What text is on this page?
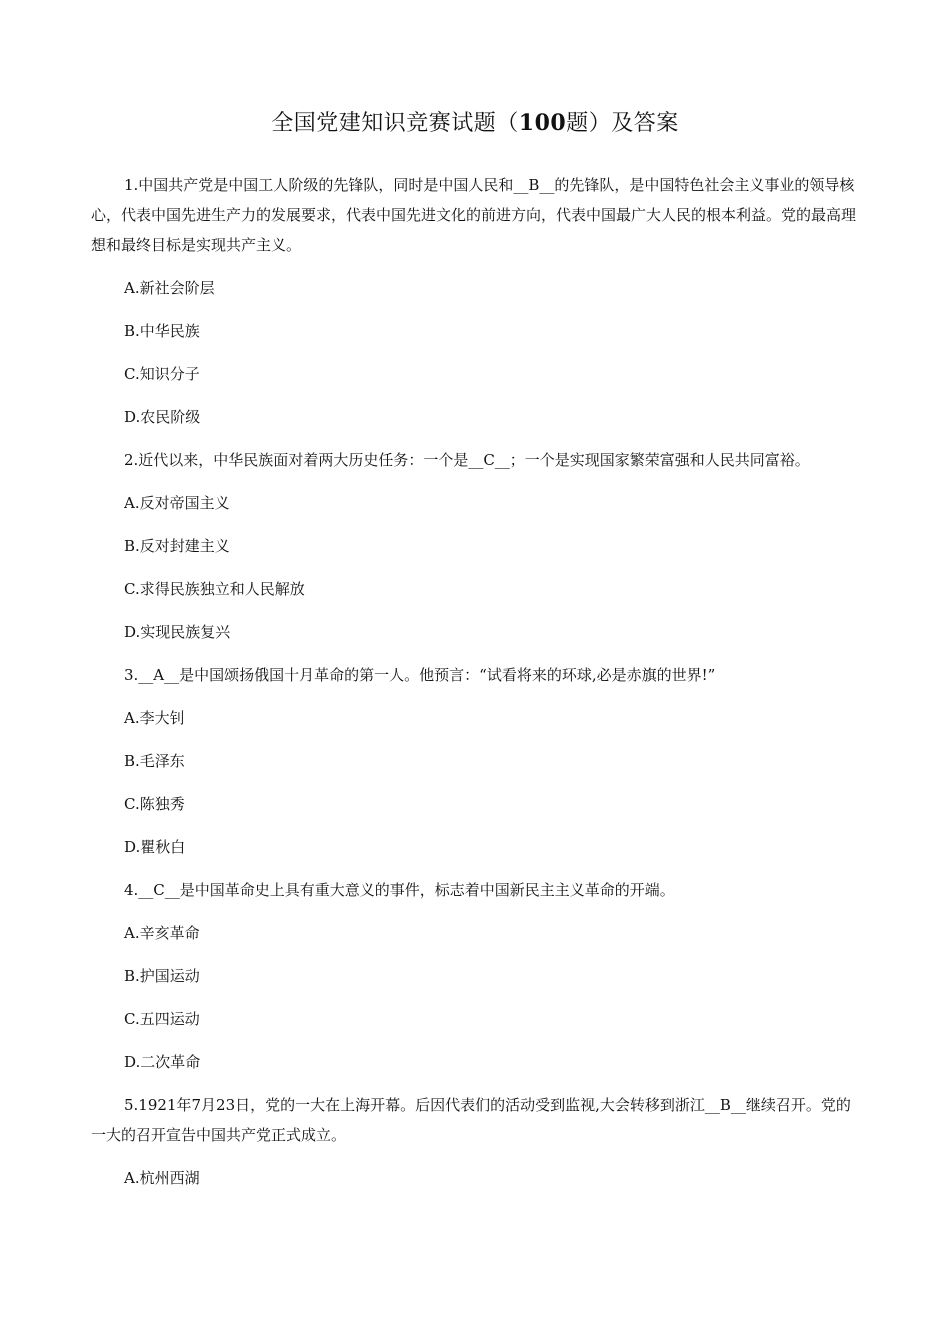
全国党建知识竞赛试题（100题）及答案
1.中国共产党是中国工人阶级的先锋队，同时是中国人民和__B__的先锋队，是中国特色社会主义事业的领导核心，代表中国先进生产力的发展要求，代表中国先进文化的前进方向，代表中国最广大人民的根本利益。党的最高理想和最终目标是实现共产主义。
A.新社会阶层
B.中华民族
C.知识分子
D.农民阶级
2.近代以来，中华民族面对着两大历史任务：一个是__C__；一个是实现国家繁荣富强和人民共同富裕。
A.反对帝国主义
B.反对封建主义
C.求得民族独立和人民解放
D.实现民族复兴
3.__A__是中国颂扬俄国十月革命的第一人。他预言：“试看将来的环球,必是赤旗的世界!”
A.李大钊
B.毛泽东
C.陈独秀
D.瞿秋白
4.__C__是中国革命史上具有重大意义的事件，标志着中国新民主主义革命的开端。
A.辛亥革命
B.护国运动
C.五四运动
D.二次革命
5.1921年7月23日，党的一大在上海开幕。后因代表们的活动受到监视,大会转移到浙江__B__继续召开。党的一大的召开宣告中国共产党正式成立。
A.杭州西湖
